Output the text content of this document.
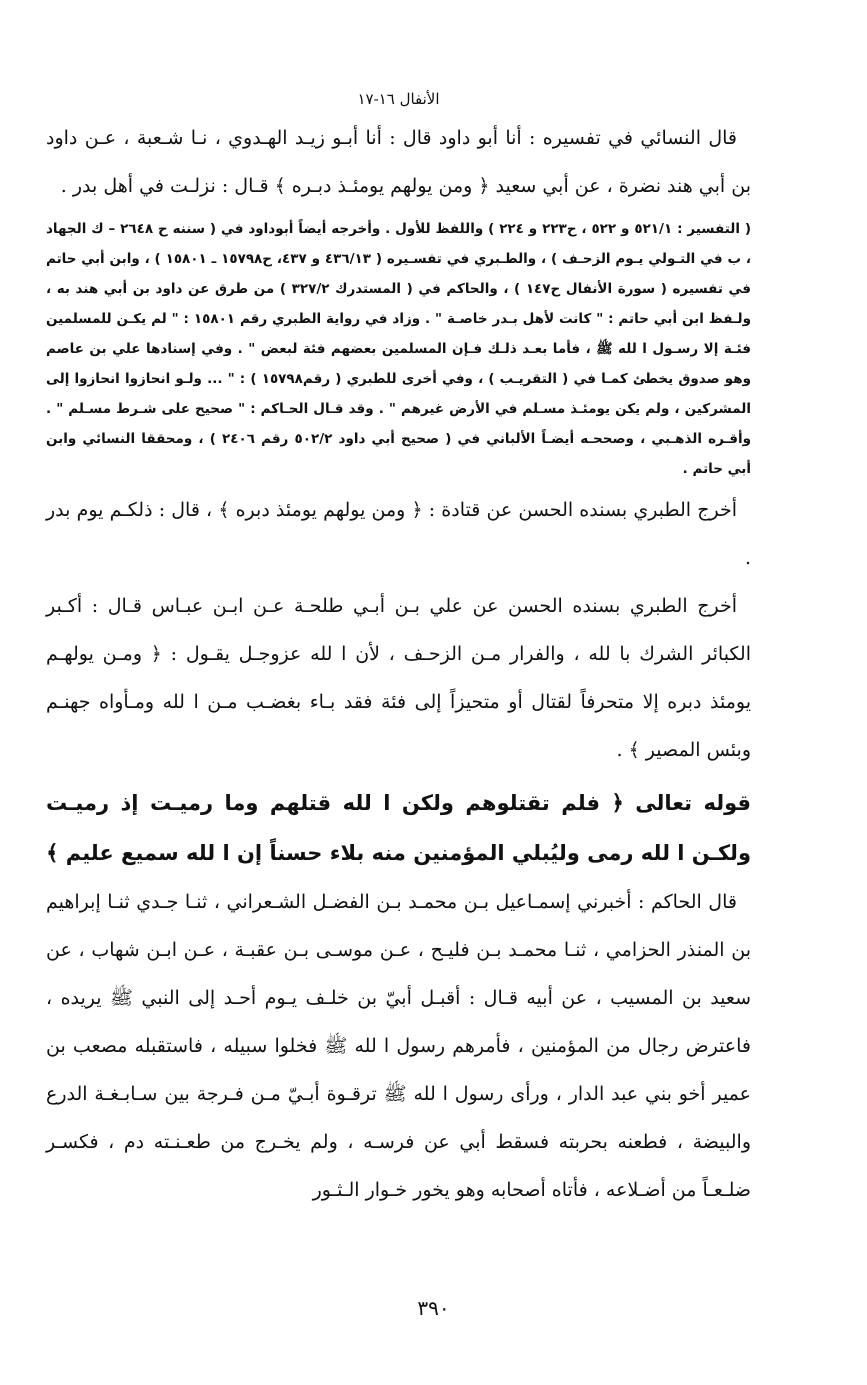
الأنفال ١٦-١٧

قال النسائي في تفسيره : أنا أبو داود قال : أنا أبـو زيـد الهـدوي ، نـا شـعبة ، عـن داود بن أبي هند نضرة ، عن أبي سعيد ﴿ ومن يولهم يومئـذ دبـره ﴾ قـال : نزلـت في أهل بدر .

( التفسير : ٥٢١/١ و ٥٢٢ ، ح٢٢٣ و ٢٢٤ ) واللفظ للأول . وأخرجه أيضاً أبوداود في ( سننه ح ٢٦٤٨ – ك الجهاد ، ب في التـولي يـوم الزحـف ) ، والطـبري في تفسـيره ( ٤٣٦/١٣ و ٤٣٧، ح١٥٧٩٨ ـ ١٥٨٠١ ) ، وابن أبي حاتم في تفسيره ( سورة الأنفال ح١٤٧ ) ، والحاكم في ( المستدرك ٣٢٧/٢ ) من طرق عن داود بن أبي هند به ، ولـفظ ابن أبي حاتم : " كانت لأهل بـدر خاصـة " . وزاد في رواية الطبري رقم ١٥٨٠١ : " لم يكـن للمسلمين فئـة إلا رسـول ا لله ﷺ ، فأما بعـد ذلـك فـإن المسلمين بعضهم فئة لبعض " . وفي إسنادها علي بن عاصم وهو صدوق يخطئ كمـا في ( التقريـب ) ، وفي أخرى للطبري ( رقم١٥٧٩٨ ) : " ... ولـو انحازوا انحازوا إلى المشركين ، ولم يكن يومئـذ مسـلم في الأرض غيرهم " . وقد قـال الحـاكم : " صحيح على شـرط مسـلم " . وأقـره الذهـبي ، وصححـه أيضـاً الألباني في ( صحيح أبي داود ٥٠٢/٢ رقم ٢٤٠٦ ) ، ومحققا النسائي وابن أبي حاتم .

أخرج الطبري بسنده الحسن عن قتادة : ﴿ ومن يولهم يومئذ دبره ﴾ ، قال : ذلكـم يوم بدر .

أخرج الطبري بسنده الحسن عن علي بـن أبـي طلحـة عـن ابـن عبـاس قـال : أكـبر الكبائر الشرك با لله ، والفرار مـن الزحـف ، لأن ا لله عزوجـل يقـول : ﴿ ومـن يولهـم يومئذ دبره إلا متحرفاً لقتال أو متحيزاً إلى فئة فقد بـاء بغضـب مـن ا لله ومـأواه جهنـم وبئس المصير ﴾ .

قوله تعالى ﴿ فلم تقتلوهم ولكن ا لله قتلهم وما رميـت إذ رميـت ولكـن ا لله رمى وليُبلي المؤمنين منه بلاء حسناً إن ا لله سميع عليم ﴾

قال الحاكم : أخبرني إسمـاعيل بـن محمـد بـن الفضـل الشـعراني ، ثنـا جـدي ثنـا إبراهيم بن المنذر الحزامي ، ثنـا محمـد بـن فليـح ، عـن موسـى بـن عقبـة ، عـن ابـن شهاب ، عن سعيد بن المسيب ، عن أبيه قـال : أقبـل أبيّ بن خلـف يـوم أحـد إلى النبي ﷺ يريده ، فاعترض رجال من المؤمنين ، فأمرهم رسول ا لله ﷺ فخلوا سبيله ، فاستقبله مصعب بن عمير أخو بني عبد الدار ، ورأى رسول ا لله ﷺ ترقـوة أبـيّ مـن فـرجة بين سـابـغـة الدرع والبيضة ، فطعنه بحربته فسقط أبي عن فرسـه ، ولم يخـرج من طعـنـته دم ، فكسـر ضلـعـاً من أضـلاعه ، فأتاه أصحابه وهو يخور خـوار الـثـور

٣٩٠
